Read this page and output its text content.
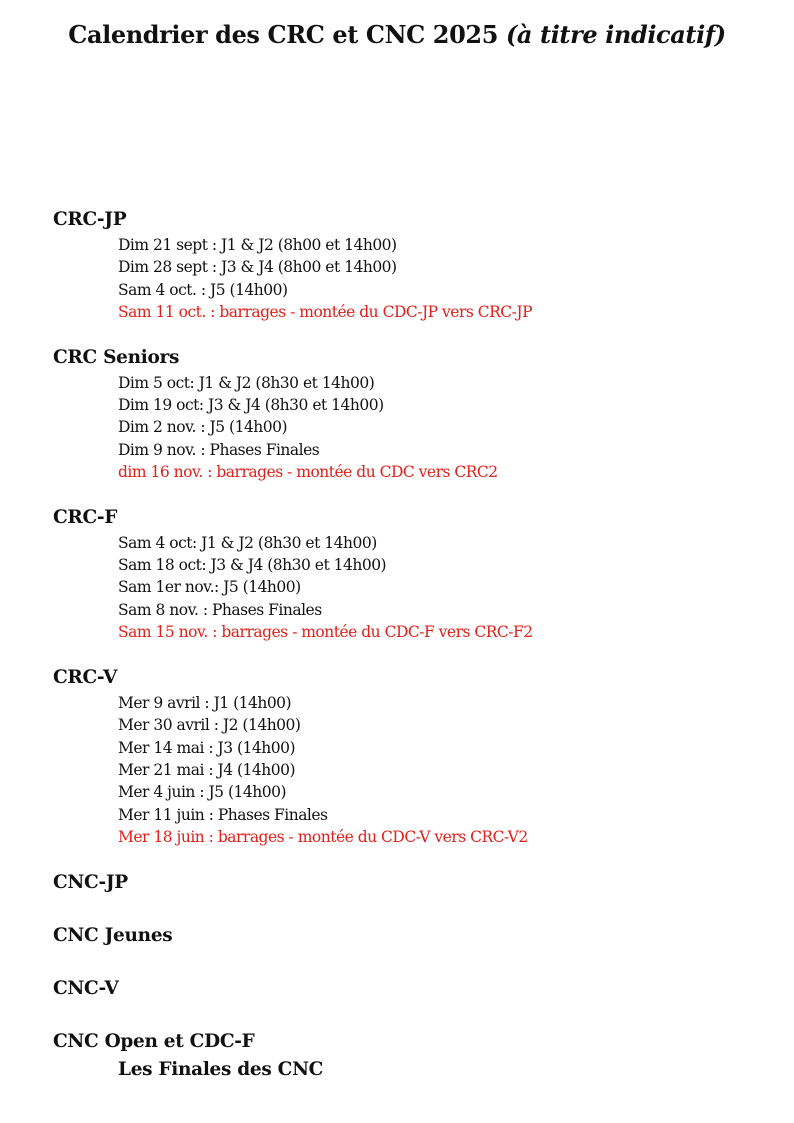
Calendrier des CRC et CNC 2025 (à titre indicatif)
CRC-JP
Dim 21 sept : J1 & J2 (8h00 et 14h00)
Dim 28 sept : J3 & J4 (8h00 et 14h00)
Sam 4 oct. : J5 (14h00)
Sam 11 oct. : barrages - montée du CDC-JP vers CRC-JP
CRC Seniors
Dim 5 oct: J1 & J2 (8h30 et 14h00)
Dim 19 oct: J3 & J4 (8h30 et 14h00)
Dim 2 nov. : J5 (14h00)
Dim 9 nov. : Phases Finales
dim 16 nov. : barrages - montée du CDC vers CRC2
CRC-F
Sam 4 oct: J1 & J2 (8h30 et 14h00)
Sam 18 oct: J3 & J4 (8h30 et 14h00)
Sam 1er nov.: J5 (14h00)
Sam 8 nov. : Phases Finales
Sam 15 nov. : barrages - montée du CDC-F vers CRC-F2
CRC-V
Mer 9 avril : J1 (14h00)
Mer 30 avril : J2 (14h00)
Mer 14 mai : J3 (14h00)
Mer 21 mai : J4 (14h00)
Mer 4 juin : J5 (14h00)
Mer 11 juin : Phases Finales
Mer 18 juin : barrages - montée du CDC-V vers CRC-V2
CNC-JP
CNC Jeunes
CNC-V
CNC Open et CDC-F
Les Finales des CNC
